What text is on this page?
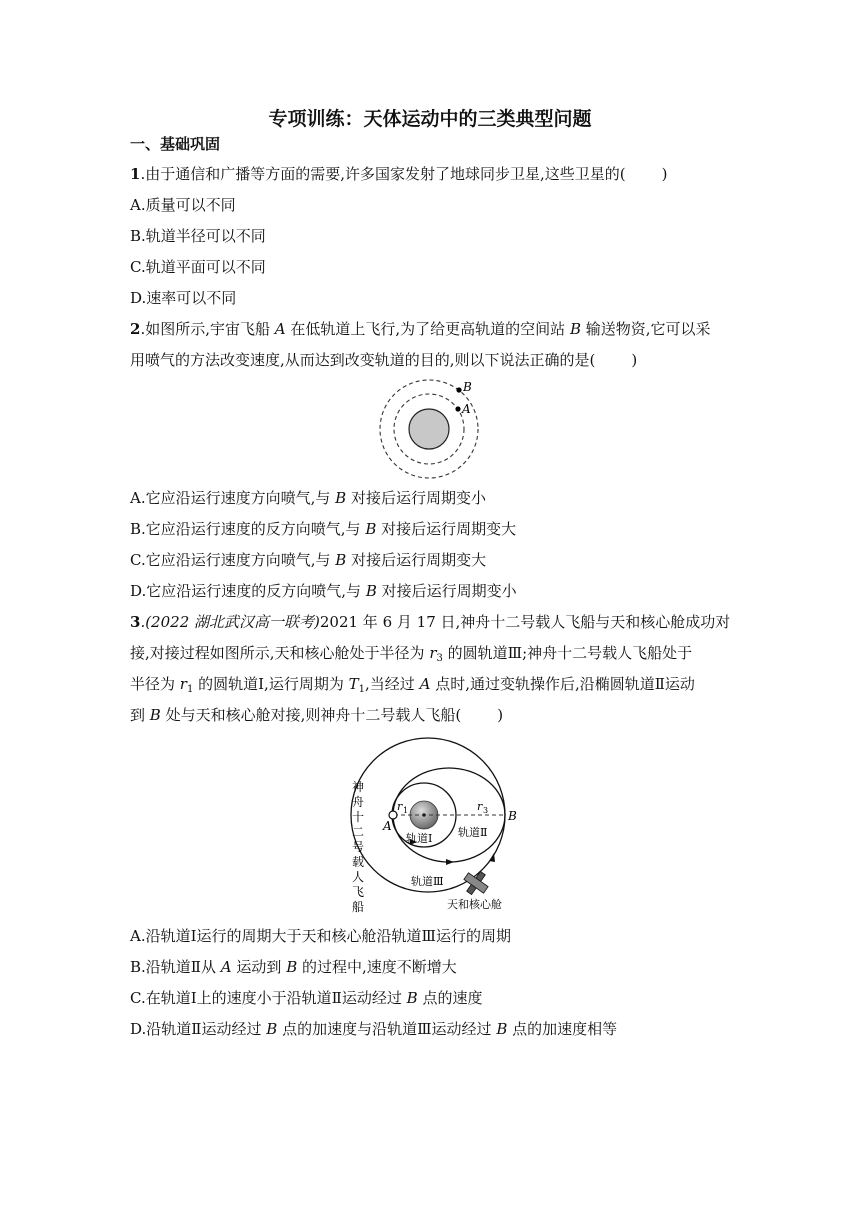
专项训练：天体运动中的三类典型问题
一、基础巩固
1.由于通信和广播等方面的需要,许多国家发射了地球同步卫星,这些卫星的( )
A.质量可以不同
B.轨道半径可以不同
C.轨道平面可以不同
D.速率可以不同
2.如图所示,宇宙飞船 A 在低轨道上飞行,为了给更高轨道的空间站 B 输送物资,它可以采
用喷气的方法改变速度,从而达到改变轨道的目的,则以下说法正确的是( )
B
A
A.它应沿运行速度方向喷气,与 B 对接后运行周期变小
B.它应沿运行速度的反方向喷气,与 B 对接后运行周期变大
C.它应沿运行速度方向喷气,与 B 对接后运行周期变大
D.它应沿运行速度的反方向喷气,与 B 对接后运行周期变小
3.(2022 湖北武汉高一联考)2021 年 6 月 17 日,神舟十二号载人飞船与天和核心舱成功对
接,对接过程如图所示,天和核心舱处于半径为 $r_3$ 的圆轨道Ⅲ;神舟十二号载人飞船处于
半径为 $r_1$ 的圆轨道Ⅰ,运行周期为 $T_1$,当经过 A 点时,通过变轨操作后,沿椭圆轨道Ⅱ运动
到 B 处与天和核心舱对接,则神舟十二号载人飞船( )
r 1	r 3
A
B
轨道Ⅰ 轨道Ⅱ
轨道Ⅲ
天和核心舱
神
舟
十
二
号
载
人
飞
船
A.沿轨道Ⅰ运行的周期大于天和核心舱沿轨道Ⅲ运行的周期
B.沿轨道Ⅱ从 A 运动到 B 的过程中,速度不断增大
C.在轨道Ⅰ上的速度小于沿轨道Ⅱ运动经过 B 点的速度
D.沿轨道Ⅱ运动经过 B 点的加速度与沿轨道Ⅲ运动经过 B 点的加速度相等
